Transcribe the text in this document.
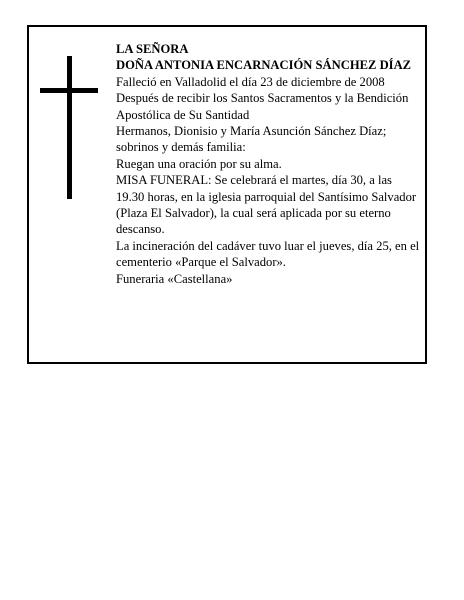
LA SEÑORA

DOÑA ANTONIA ENCARNACIÓN SÁNCHEZ DÍAZ

Falleció en Valladolid el día 23 de diciembre de 2008

Después de recibir los Santos Sacramentos y la Bendición Apostólica de Su Santidad

Hermanos, Dionisio y María Asunción Sánchez Díaz; sobrinos y demás familia:

Ruegan una oración por su alma.

MISA FUNERAL: Se celebrará el martes, día 30, a las 19.30 horas, en la iglesia parroquial del Santísimo Salvador (Plaza El Salvador), la cual será aplicada por su eterno descanso.

La incineración del cadáver tuvo luar el jueves, día 25, en el cementerio «Parque el Salvador».

Funeraria «Castellana»
